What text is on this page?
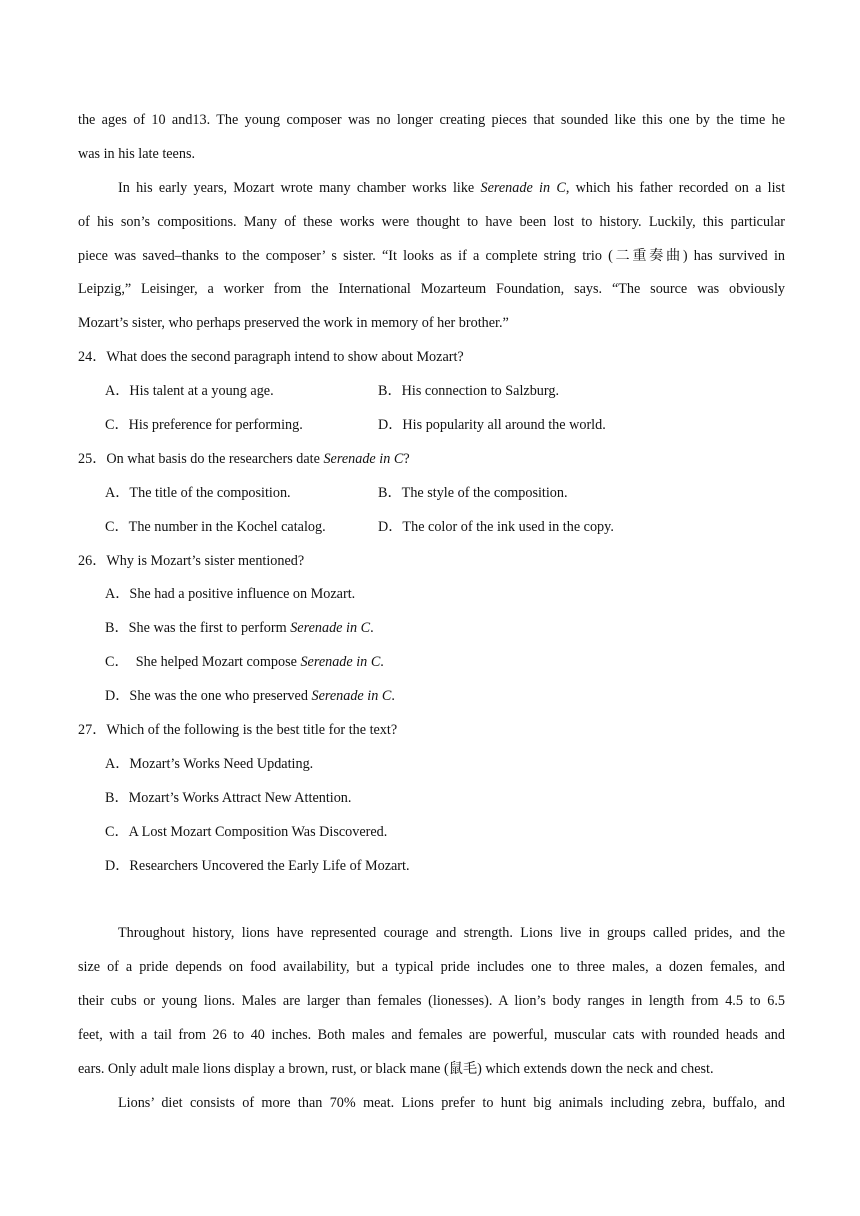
the ages of 10 and13. The young composer was no longer creating pieces that sounded like this one by the time he
was in his late teens.
In his early years, Mozart wrote many chamber works like Serenade in C, which his father recorded on a list
of his son’s compositions. Many of these works were thought to have been lost to history. Luckily, this particular
piece was saved–thanks to the composer’ s sister. “It looks as if a complete string trio (二重奏曲) has survived in
Leipzig,” Leisinger, a worker from the International Mozarteum Foundation, says. “The source was obviously
Mozart’s sister, who perhaps preserved the work in memory of her brother.”
24．What does the second paragraph intend to show about Mozart?
A．His talent at a young age.	B．His connection to Salzburg.
C．His preference for performing.	D．His popularity all around the world.
25．On what basis do the researchers date Serenade in C?
A．The title of the composition.	B．The style of the composition.
C．The number in the Kochel catalog.	D．The color of the ink used in the copy.
26．Why is Mozart’s sister mentioned?
A．She had a positive influence on Mozart.
B．She was the first to perform Serenade in C.
C．  She helped Mozart compose Serenade in C.
D．She was the one who preserved Serenade in C.
27．Which of the following is the best title for the text?
A．Mozart’s Works Need Updating.
B．Mozart’s Works Attract New Attention.
C．A Lost Mozart Composition Was Discovered.
D．Researchers Uncovered the Early Life of Mozart.
Throughout history, lions have represented courage and strength. Lions live in groups called prides, and the
size of a pride depends on food availability, but a typical pride includes one to three males, a dozen females, and
their cubs or young lions. Males are larger than females (lionesses). A lion’s body ranges in length from 4.5 to 6.5
feet, with a tail from 26 to 40 inches. Both males and females are powerful, muscular cats with rounded heads and
ears. Only adult male lions display a brown, rust, or black mane (鼠毛) which extends down the neck and chest.
Lions’ diet consists of more than 70% meat. Lions prefer to hunt big animals including zebra, buffalo, and
